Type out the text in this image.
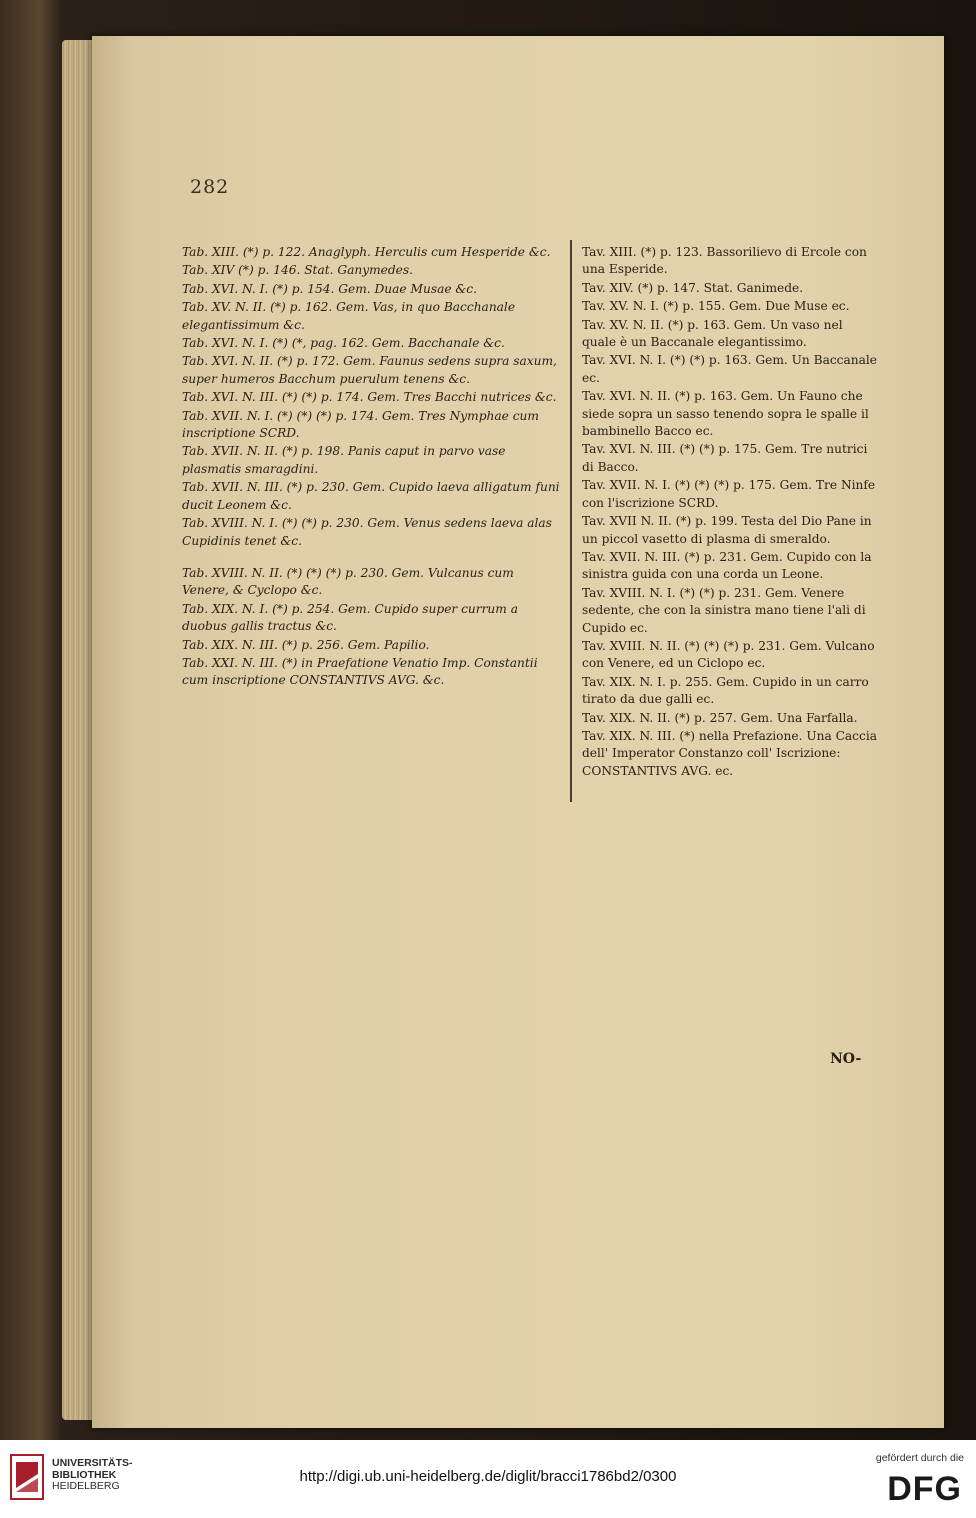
282
Tab. XIII. (*) p. 122. Anaglyph. Herculis cum Hesperide &c.
Tab. XIV (*) p. 146. Stat. Ganymedes.
Tab. XVI. N. I. (*) p. 154. Gem. Duae Musae &c.
Tab. XV. N. II. (*) p. 162. Gem. Vas, in quo Bacchanale elegantissimum &c.
Tab. XVI. N. I. (*) (*, pag. 162. Gem. Bacchanale &c.
Tab. XVI. N. II. (*) p. 172. Gem. Faunus sedens supra saxum, super humeros Bacchum puerulum tenens &c.
Tab. XVI. N. III. (*) (*) p. 174. Gem. Tres Bacchi nutrices &c.
Tab. XVII. N. I. (*) (*) (*) p. 174. Gem. Tres Nymphae cum inscriptione SCRD.
Tab. XVII. N. II. (*) p. 198. Panis caput in parvo vase plasmatis smaragdini.
Tab. XVII. N. III. (*) p. 230. Gem. Cupido laeva alligatum funi ducit Leonem &c.
Tab. XVIII. N. I. (*) (*) p. 230. Gem. Venus sedens laeva alas Cupidinis tenet &c.
Tab. XVIII. N. II. (*) (*) (*) p. 230. Gem. Vulcanus cum Venere, & Cyclopo &c.
Tab. XIX. N. I. (*) p. 254. Gem. Cupido super currum a duobus gallis tractus &c.
Tab. XIX. N. III. (*) p. 256. Gem. Papilio.
Tab. XXI. N. III. (*) in Praefatione Venatio Imp. Constantii cum inscriptione CONSTANTIVS AVG. &c.
Tav. XIII. (*) p. 123. Bassorilievo di Ercole con una Esperide.
Tav. XIV. (*) p. 147. Stat. Ganimede.
Tav. XV. N. I. (*) p. 155. Gem. Due Muse ec.
Tav. XV. N. II. (*) p. 163. Gem. Un vaso nel quale è un Baccanale elegantissimo.
Tav. XVI. N. I. (*) (*) p. 163. Gem. Un Baccanale ec.
Tav. XVI. N. II. (*) p. 163. Gem. Un Fauno che siede sopra un sasso tenendo sopra le spalle il bambinello Bacco ec.
Tav. XVI. N. III. (*) (*) p. 175. Gem. Tre nutrici di Bacco.
Tav. XVII. N. I. (*) (*) (*) p. 175. Gem. Tre Ninfe con l'iscrizione SCRD.
Tav. XVII N. II. (*) p. 199. Testa del Dio Pane in un piccol vasetto di plasma di smeraldo.
Tav. XVII. N. III. (*) p. 231. Gem. Cupido con la sinistra guida con una corda un Leone.
Tav. XVIII. N. I. (*) (*) p. 231. Gem. Venere sedente, che con la sinistra mano tiene l'ali di Cupido ec.
Tav. XVIII. N. II. (*) (*) (*) p. 231. Gem. Vulcano con Venere, ed un Ciclopo ec.
Tav. XIX. N. I. p. 255. Gem. Cupido in un carro tirato da due galli ec.
Tav. XIX. N. II. (*) p. 257. Gem. Una Farfalla.
Tav. XIX. N. III. (*) nella Prefazione. Una Caccia dell' Imperator Constanzo coll' Iscrizione: CONSTANTIVS AVG. ec.
NO-
UNIVERSITÄTS-
BIBLIOTHEK
HEIDELBERG
http://digi.ub.uni-heidelberg.de/diglit/bracci1786bd2/0300
gefördert durch die
DFG
